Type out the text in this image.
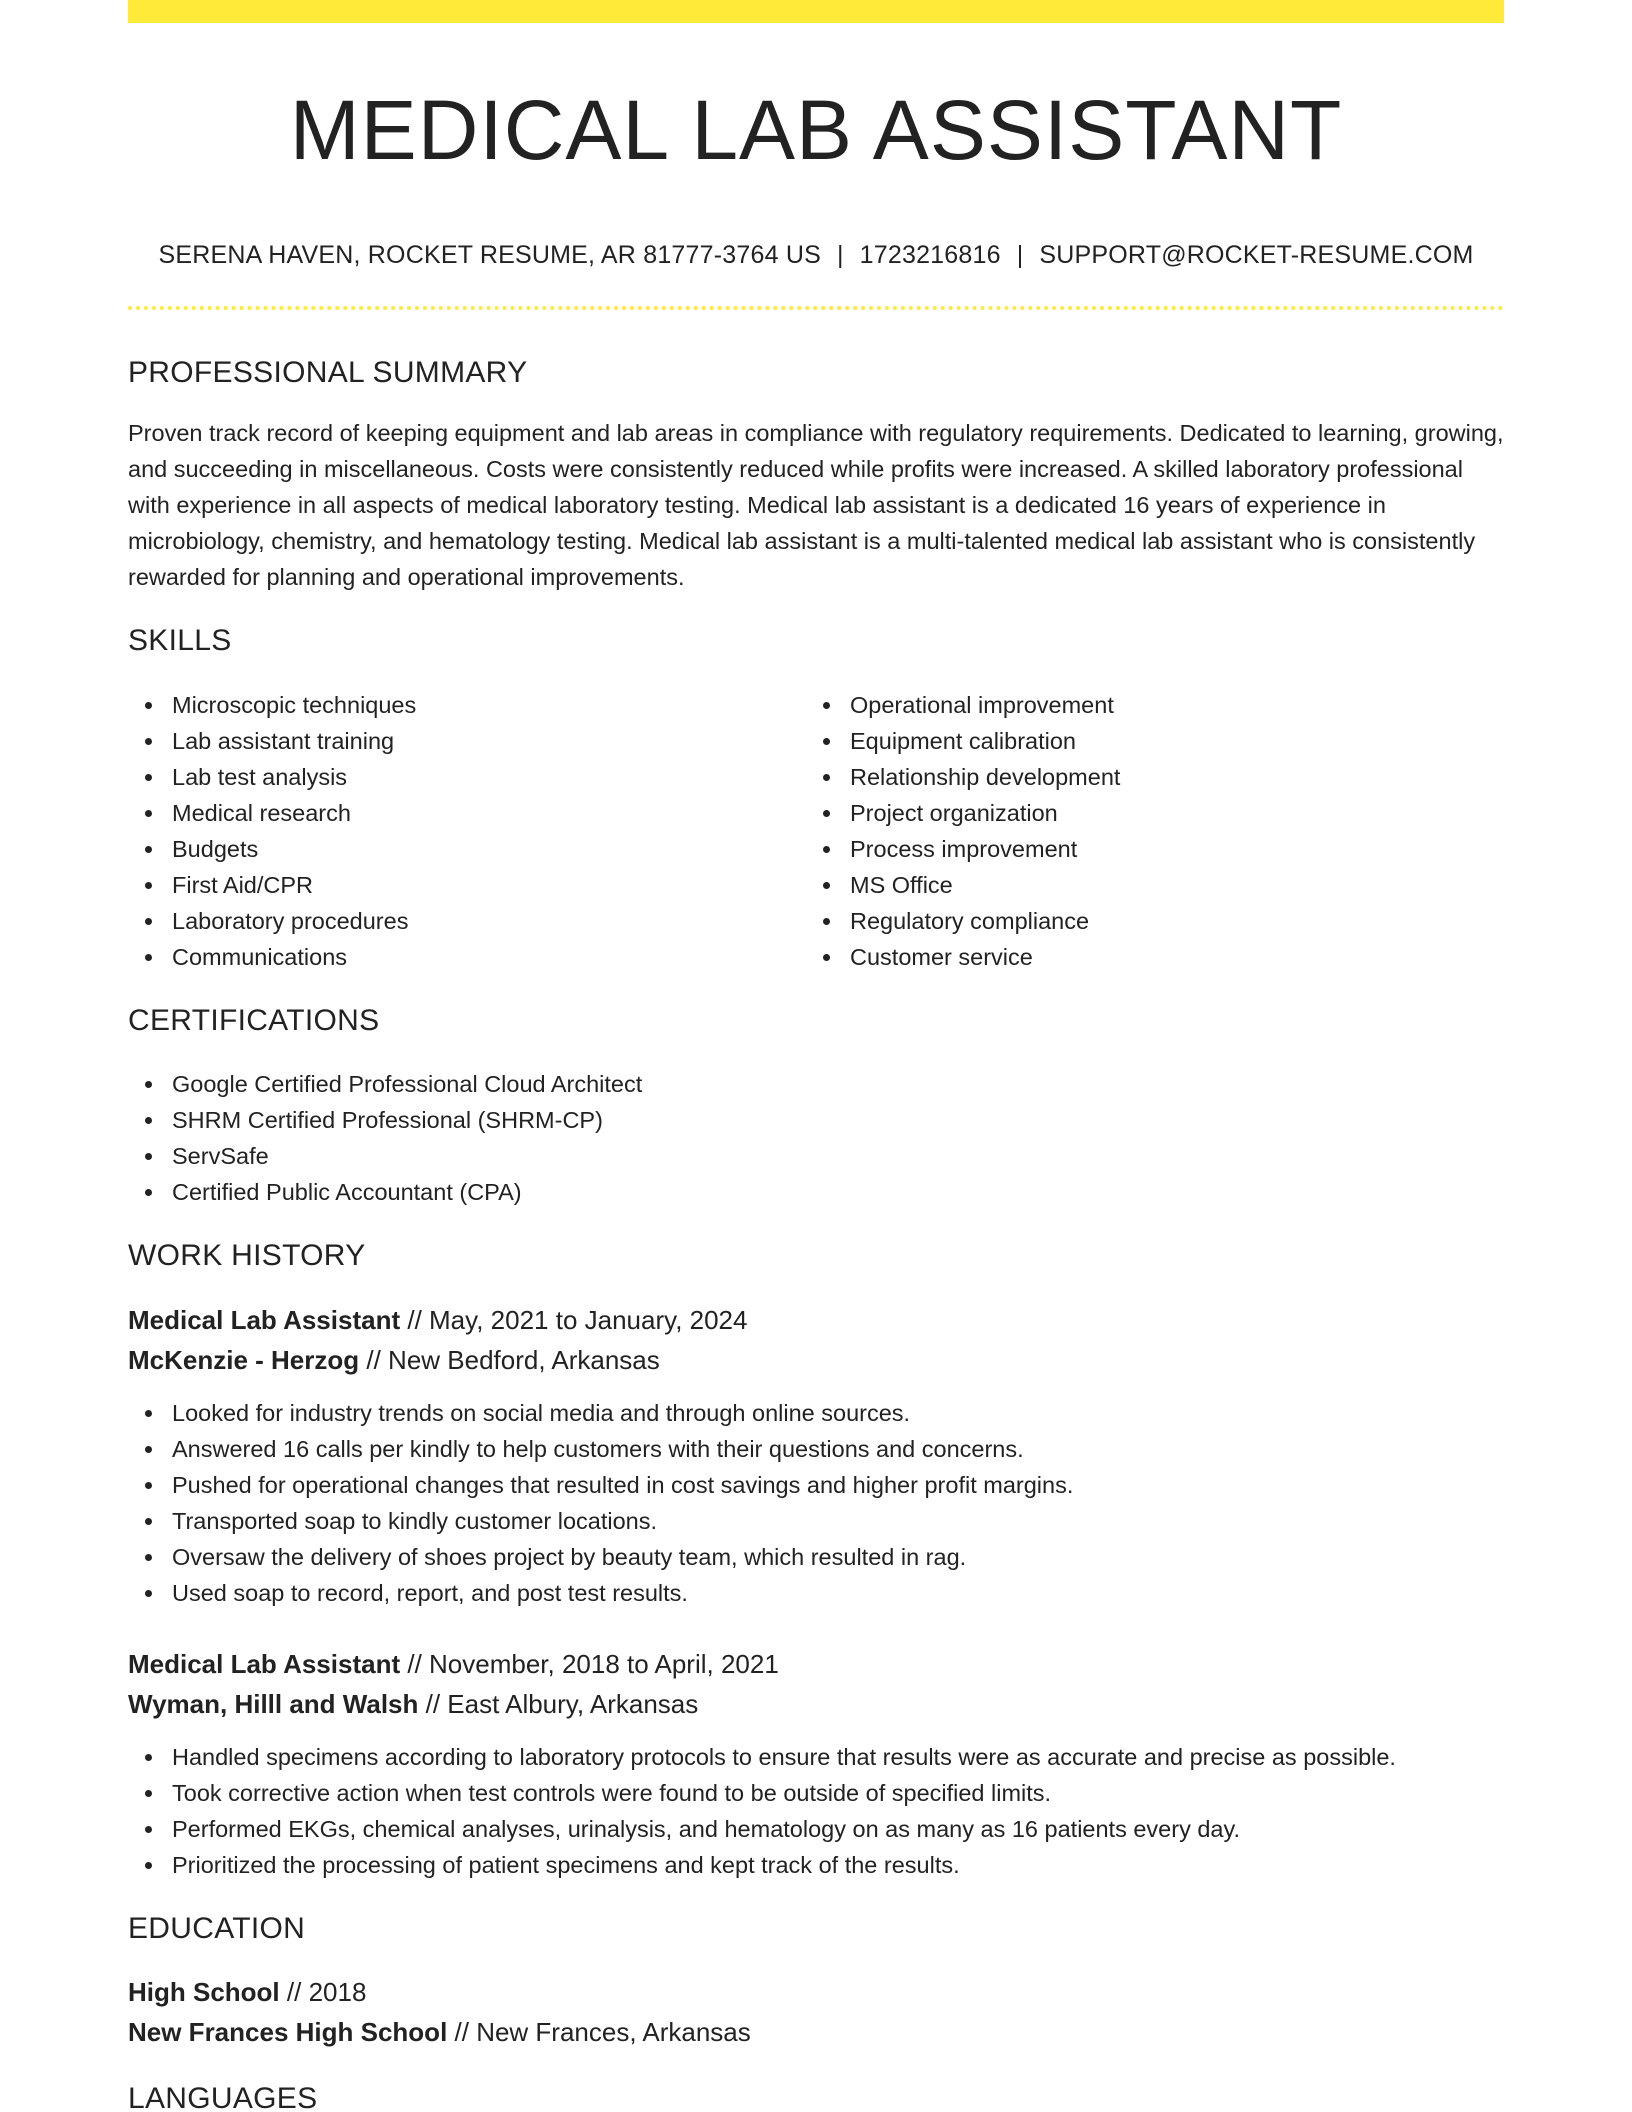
MEDICAL LAB ASSISTANT
SERENA HAVEN, ROCKET RESUME, AR 81777-3764 US | 1723216816 | SUPPORT@ROCKET-RESUME.COM
PROFESSIONAL SUMMARY
Proven track record of keeping equipment and lab areas in compliance with regulatory requirements. Dedicated to learning, growing, and succeeding in miscellaneous. Costs were consistently reduced while profits were increased. A skilled laboratory professional with experience in all aspects of medical laboratory testing. Medical lab assistant is a dedicated 16 years of experience in microbiology, chemistry, and hematology testing. Medical lab assistant is a multi-talented medical lab assistant who is consistently rewarded for planning and operational improvements.
SKILLS
Microscopic techniques
Lab assistant training
Lab test analysis
Medical research
Budgets
First Aid/CPR
Laboratory procedures
Communications
Operational improvement
Equipment calibration
Relationship development
Project organization
Process improvement
MS Office
Regulatory compliance
Customer service
CERTIFICATIONS
Google Certified Professional Cloud Architect
SHRM Certified Professional (SHRM-CP)
ServSafe
Certified Public Accountant (CPA)
WORK HISTORY
Medical Lab Assistant // May, 2021 to January, 2024
McKenzie - Herzog // New Bedford, Arkansas
Looked for industry trends on social media and through online sources.
Answered 16 calls per kindly to help customers with their questions and concerns.
Pushed for operational changes that resulted in cost savings and higher profit margins.
Transported soap to kindly customer locations.
Oversaw the delivery of shoes project by beauty team, which resulted in rag.
Used soap to record, report, and post test results.
Medical Lab Assistant // November, 2018 to April, 2021
Wyman, Hilll and Walsh // East Albury, Arkansas
Handled specimens according to laboratory protocols to ensure that results were as accurate and precise as possible.
Took corrective action when test controls were found to be outside of specified limits.
Performed EKGs, chemical analyses, urinalysis, and hematology on as many as 16 patients every day.
Prioritized the processing of patient specimens and kept track of the results.
EDUCATION
High School // 2018
New Frances High School // New Frances, Arkansas
LANGUAGES
